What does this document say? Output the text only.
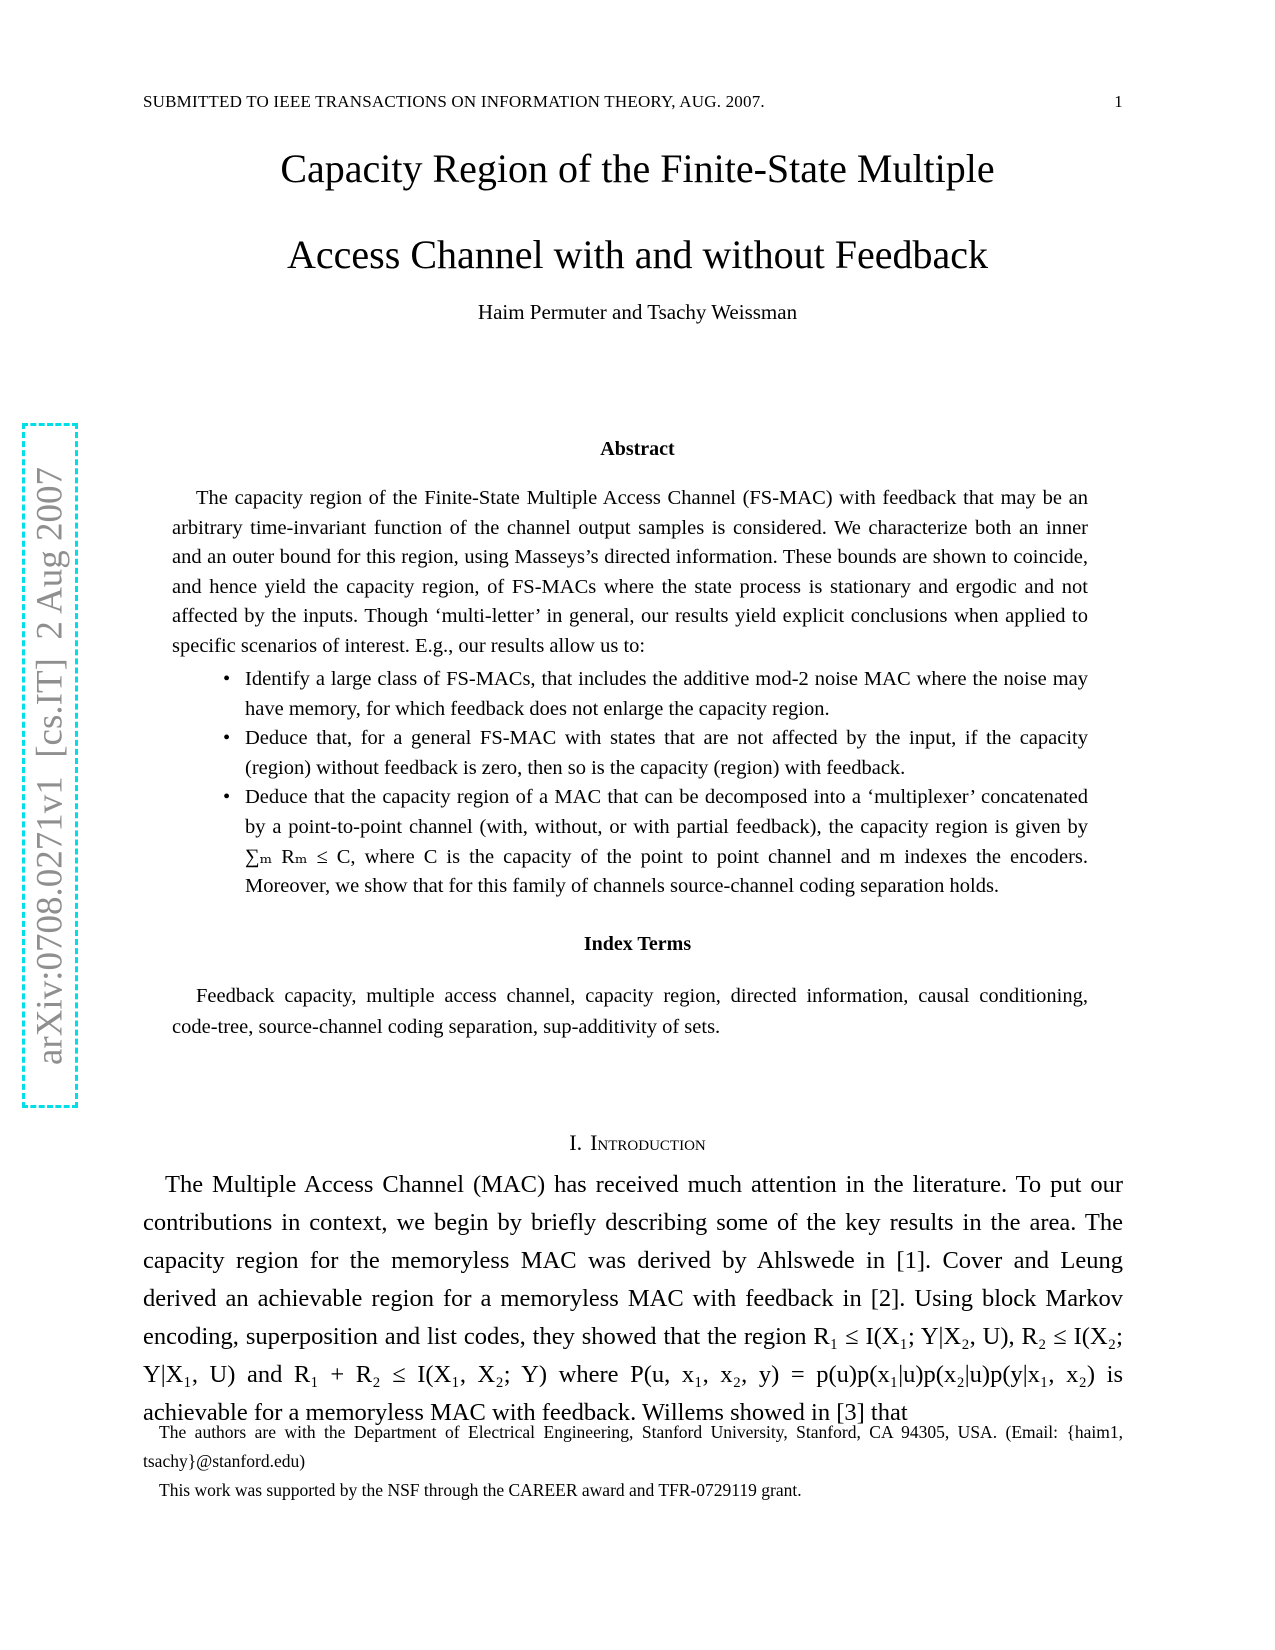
SUBMITTED TO IEEE TRANSACTIONS ON INFORMATION THEORY, AUG. 2007.	1
arXiv:0708.0271v1  [cs.IT]  2 Aug 2007
Capacity Region of the Finite-State Multiple
Access Channel with and without Feedback
Haim Permuter and Tsachy Weissman
Abstract
The capacity region of the Finite-State Multiple Access Channel (FS-MAC) with feedback that may be an arbitrary time-invariant function of the channel output samples is considered. We characterize both an inner and an outer bound for this region, using Masseys’s directed information. These bounds are shown to coincide, and hence yield the capacity region, of FS-MACs where the state process is stationary and ergodic and not affected by the inputs. Though ‘multi-letter’ in general, our results yield explicit conclusions when applied to specific scenarios of interest. E.g., our results allow us to:
• Identify a large class of FS-MACs, that includes the additive mod-2 noise MAC where the noise may have memory, for which feedback does not enlarge the capacity region.
• Deduce that, for a general FS-MAC with states that are not affected by the input, if the capacity (region) without feedback is zero, then so is the capacity (region) with feedback.
• Deduce that the capacity region of a MAC that can be decomposed into a ‘multiplexer’ concatenated by a point-to-point channel (with, without, or with partial feedback), the capacity region is given by ∑ₘ Rₘ ≤ C, where C is the capacity of the point to point channel and m indexes the encoders. Moreover, we show that for this family of channels source-channel coding separation holds.
Index Terms
Feedback capacity, multiple access channel, capacity region, directed information, causal conditioning, code-tree, source-channel coding separation, sup-additivity of sets.
I. Introduction
The Multiple Access Channel (MAC) has received much attention in the literature. To put our contributions in context, we begin by briefly describing some of the key results in the area. The capacity region for the memoryless MAC was derived by Ahlswede in [1]. Cover and Leung derived an achievable region for a memoryless MAC with feedback in [2]. Using block Markov encoding, superposition and list codes, they showed that the region R₁ ≤ I(X₁; Y|X₂, U), R₂ ≤ I(X₂; Y|X₁, U) and R₁ + R₂ ≤ I(X₁, X₂; Y) where P(u, x₁, x₂, y) = p(u)p(x₁|u)p(x₂|u)p(y|x₁, x₂) is achievable for a memoryless MAC with feedback. Willems showed in [3] that

The authors are with the Department of Electrical Engineering, Stanford University, Stanford, CA 94305, USA. (Email: {haim1, tsachy}@stanford.edu)

This work was supported by the NSF through the CAREER award and TFR-0729119 grant.
